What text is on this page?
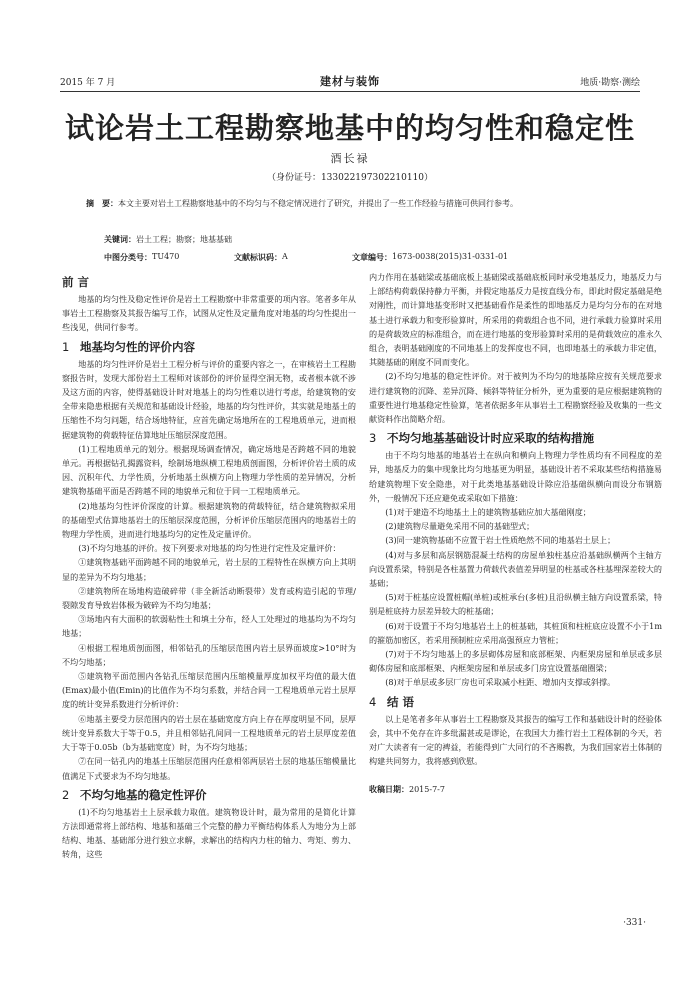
2015 年 7 月	建材与装饰	地质·勘察·测绘
试论岩土工程勘察地基中的均匀性和稳定性
酒长禄
（身份证号：133022197302210110）
摘　要：本文主要对岩土工程勘察地基中的不均匀与不稳定情况进行了研究，并提出了一些工作经验与措施可供同行参考。
关键词：岩土工程；勘察；地基基础
中图分类号： TU470	文献标识码： A	文章编号： 1673-0038(2015)31-0331-01
前 言

地基的均匀性及稳定性评价是岩土工程勘察中非常重要的项内容。笔者多年从事岩土工程勘察及其报告编写工作，试图从定性及定量角度对地基的均匀性提出一些浅见，供同行参考。

1 地基均匀性的评价内容

地基的均匀性评价是岩土工程分析与评价的重要内容之一，在审核岩土工程勘察报告时，发现大部份岩土工程师对该部份的评价显得空洞无物，或者根本就不涉及这方面的内容，使得基础设计时对地基上的均匀性难以进行考虑，给建筑物的安全带来隐患根据有关规范和基础设计经验，地基的均匀性评价，其实就是地基土的压缩性不均匀问题，结合场地特征，应首先确定场地所在的工程地质单元，进而根据建筑物的荷载特征估算地址压缩层深度范围。

(1)工程地质单元的划分。根据现场调查情况，确定场地是否跨越不同的地貌单元。再根据钻孔揭露资料，绘制场地纵横工程地质剖面图，分析评价岩土质的成因、沉积年代、力学性质，分析地基土纵横方向上物理力学性质的差异情况，分析建筑物基础平面是否跨越不同的地貌单元和位于同一工程地质单元。

(2)地基均匀性评价深度的计算。根据建筑物的荷载特征，结合建筑物拟采用的基础型式估算地基岩土的压缩层深度范围，分析评价压缩层范围内的地基岩土的物理力学性质，进而进行地基均匀的定性及定量评价。

(3)不均匀地基的评价。按下列要求对地基的均匀性进行定性及定量评价：

①建筑物基础平面跨越不同的地貌单元，岩土层的工程特性在纵横方向上其明显的差异为不均匀地基；

②建筑物所在场地构造破碎带（非全新活动断裂带）发育或构造引起的节理/裂隙发育导致岩体极为破碎为不均匀地基；

③场地内有大面积的软弱粘性土和填土分布，经人工处理过的地基均为不均匀地基；

④根据工程地质剖面图，相邻钻孔的压缩层范围内岩土层界面坡度>10°时为不均匀地基；

⑤建筑物平面范围内各钻孔压缩层范围内压缩模量厚度加权平均值的最大值(Emax)最小值(Emin)的比值作为不均匀系数，并结合同一工程地质单元岩土层厚度的统计变异系数进行分析评价：

⑥地基主要受力层范围内的岩土层在基础宽度方向上存在厚度明显不同，层厚统计变异系数大于等于0.5，并且相邻钻孔间同一工程地质单元的岩土层厚度差值大于等于0.05b（b为基础宽度）时，为不均匀地基；

⑦在同一钻孔内的地基土压缩层范围内任意相邻两层岩土层的地基压缩模量比值满足下式要求为不均匀地基。

2 不均匀地基的稳定性评价

(1)不均匀地基岩土上层承载力取值。建筑物设计时，最为常用的是简化计算方法即通常将上部结构、地基和基础三个完整的静力平衡结构体系人为地分为上部结构、地基、基础部分进行独立求解，求解出的结构内力柱的轴力、弯矩、剪力、转角，这些

内力作用在基础梁或基础底板上基础梁或基础底板同时承受地基反力，地基反力与上部结构荷载保持静力平衡，并假定地基反力是按直线分布，即此时假定基础是绝对刚性，而计算地基变形时又把基础看作是柔性的即地基反力是均匀分布的在对地基土进行承载力和变形验算时，所采用的荷载组合也不同，进行承载力验算时采用的是荷载效应的标准组合，而在进行地基的变形验算时采用的是荷载效应的准永久组合，表明基础刚度的不同地基上的发挥度也不同，也即地基土的承载力非定值，其随基础的刚度不同而变化。

(2)不均匀地基的稳定性评价。对于被判为不均匀的地基除应按有关规范要求进行建筑物的沉降、差异沉降、倾斜等特征分析外，更为重要的是应根据建筑物的重要性进行地基稳定性验算，笔者依据多年从事岩土工程勘察经验及收集的一些文献资料作出简略介绍。

3 不均匀地基基础设计时应采取的结构措施

由于不均匀地基的地基岩土在纵向和横向上物理力学性质均有不同程度的差异，地基反力的集中现象比均匀地基更为明显，基础设计若不采取某些结构措施易给建筑物埋下安全隐患，对于此类地基基础设计除应沿基础纵横向而设分布钢筋外，一般情况下还应避免或采取如下措施：

(1)对于建造不均地基土上的建筑物基础应加大基础刚度；

(2)建筑物尽量避免采用不同的基础型式；

(3)同一建筑物基础不应置于岩土性质绝然不同的地基岩土层上；

(4)对与多层和高层钢筋混凝土结构的房屋单独柱基应沿基础纵横两个主轴方向设置系梁，特别是各柱基置力荷载代表值差异明显的柱基或各柱基埋深差较大的基础；

(5)对于桩基应设置桩帽(单桩)或桩承台(多桩)且沿纵横主轴方向设置系梁，特别是桩底持力层差异较大的桩基础；

(6)对于设置于不均匀地基岩土上的桩基础，其桩顶和柱桩底应设置不小于1m的箍筋加密区，若采用预制桩应采用高强预应力管桩；

(7)对于不均匀地基上的多层砌体房屋和底部框架、内框架房屋和单层或多层砌体房屋和底部框架、内框架房屋和单层或多门房宜设置基础圈梁；

(8)对于单层或多层厂房也可采取减小柱距、增加内支撑或斜撑。

4 结 语

以上是笔者多年从事岩土工程勘察及其报告的编写工作和基础设计时的经验体会，其中不免存在许多纰漏甚或是谬论，在我国大力推行岩土工程体制的今天，若对广大读者有一定的裨益，若能得到广大同行的不吝赐教，为我们国家岩土体制的构建共同努力，我将感到欣慰。

收稿日期：2015-7-7

·331·
